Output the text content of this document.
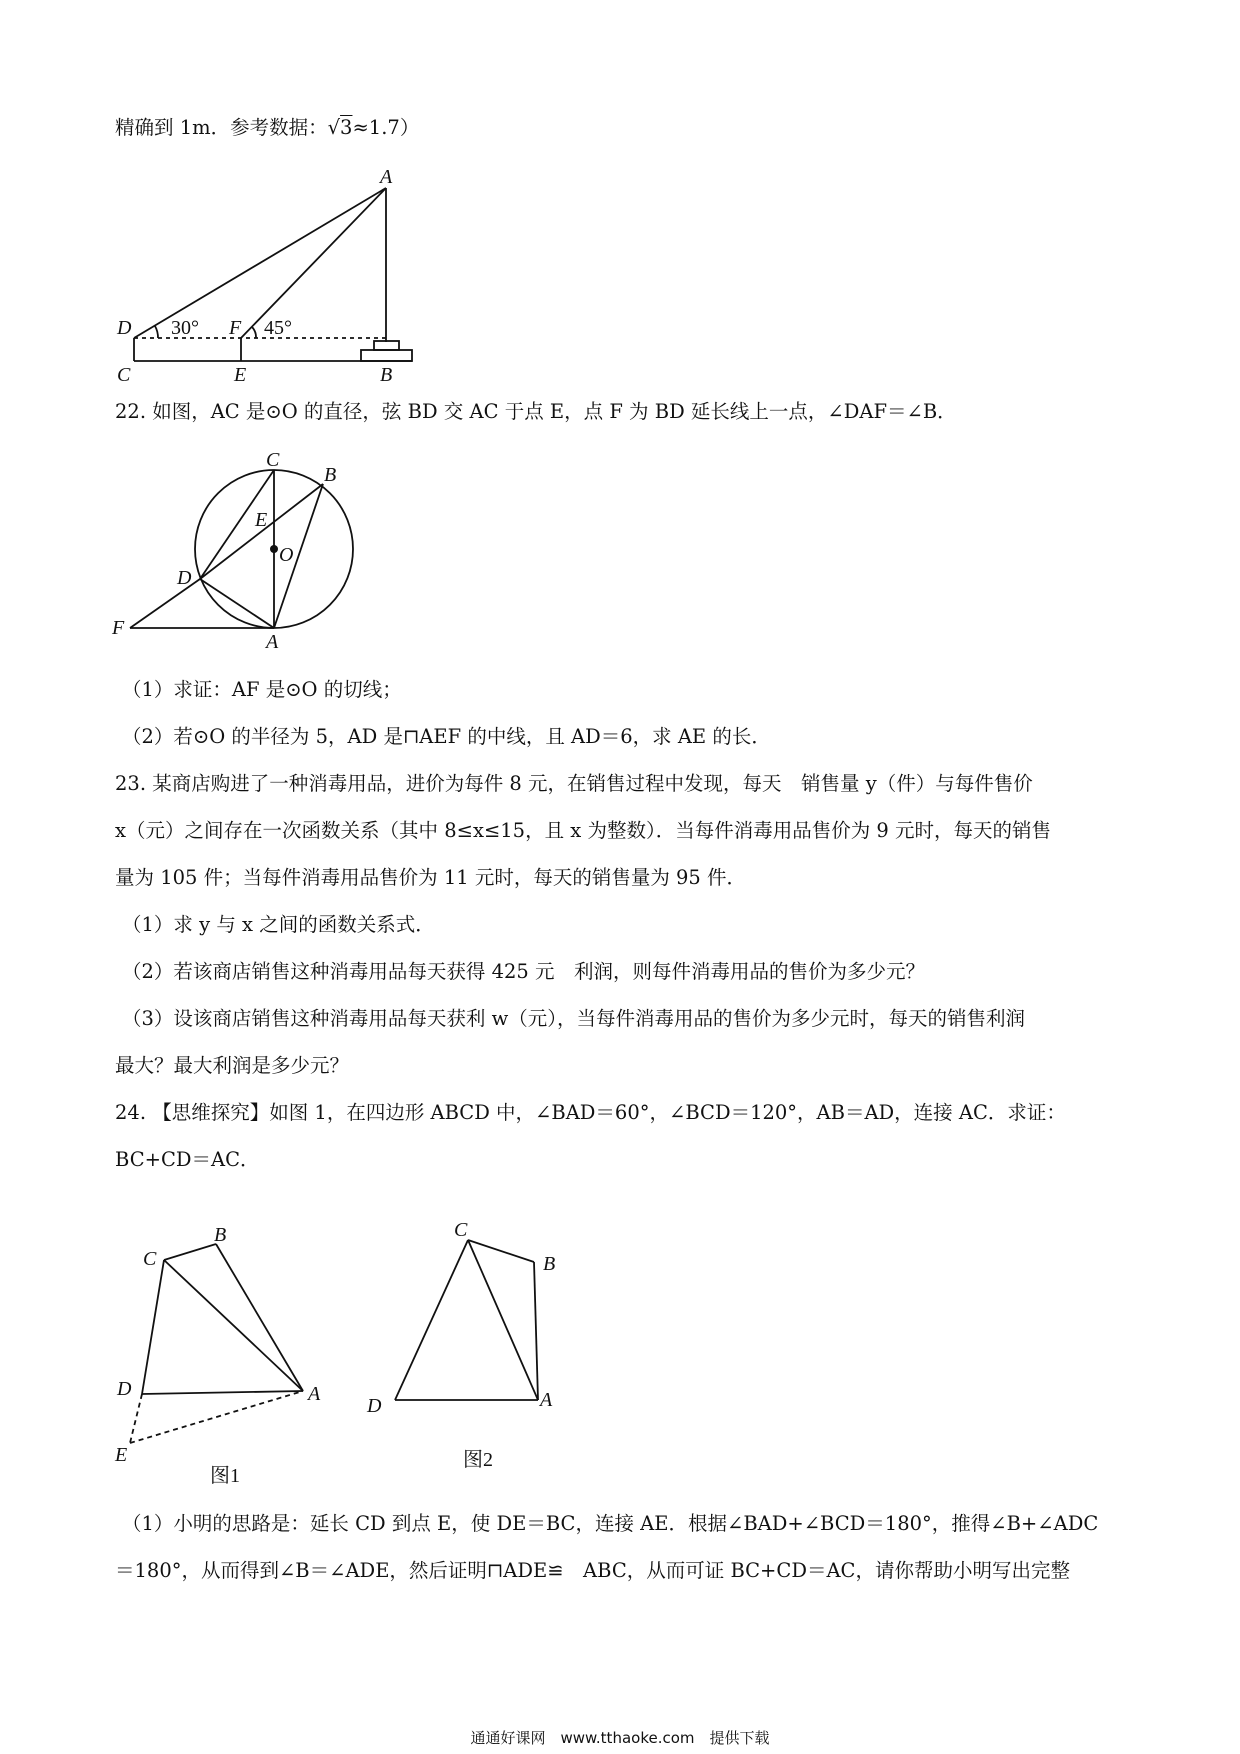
精确到 1m．参考数据：√3≈1.7）
A
D 30° F 45°
C	E	B
22. 如图，AC 是⊙O 的直径，弦 BD 交 AC 于点 E，点 F 为 BD 延长线上一点，∠DAF＝∠B．
C
B
E
O
D
F
A
（1）求证：AF 是⊙O 的切线；
（2）若⊙O 的半径为 5，AD 是⊓AEF 的中线，且 AD＝6，求 AE 的长．
23. 某商店购进了一种消毒用品，进价为每件 8 元，在销售过程中发现，每天　销售量 y（件）与每件售价
x（元）之间存在一次函数关系（其中 8≤x≤15，且 x 为整数）．当每件消毒用品售价为 9 元时，每天的销售
量为 105 件；当每件消毒用品售价为 11 元时，每天的销售量为 95 件．
（1）求 y 与 x 之间的函数关系式．
（2）若该商店销售这种消毒用品每天获得 425 元　利润，则每件消毒用品的售价为多少元？
（3）设该商店销售这种消毒用品每天获利 w（元），当每件消毒用品的售价为多少元时，每天的销售利润
最大？最大利润是多少元？
24. 【思维探究】如图 1，在四边形 ABCD 中，∠BAD＝60°，∠BCD＝120°，AB＝AD，连接 AC．求证：
BC+CD＝AC．
C
B
D	A
E
图1
C
B
D	A
图2
（1）小明的思路是：延长 CD 到点 E，使 DE＝BC，连接 AE．根据∠BAD+∠BCD＝180°，推得∠B+∠ADC
＝180°，从而得到∠B＝∠ADE，然后证明⊓ADE≌　ABC，从而可证 BC+CD＝AC，请你帮助小明写出完整
通通好课网　www.tthaoke.com　提供下载
